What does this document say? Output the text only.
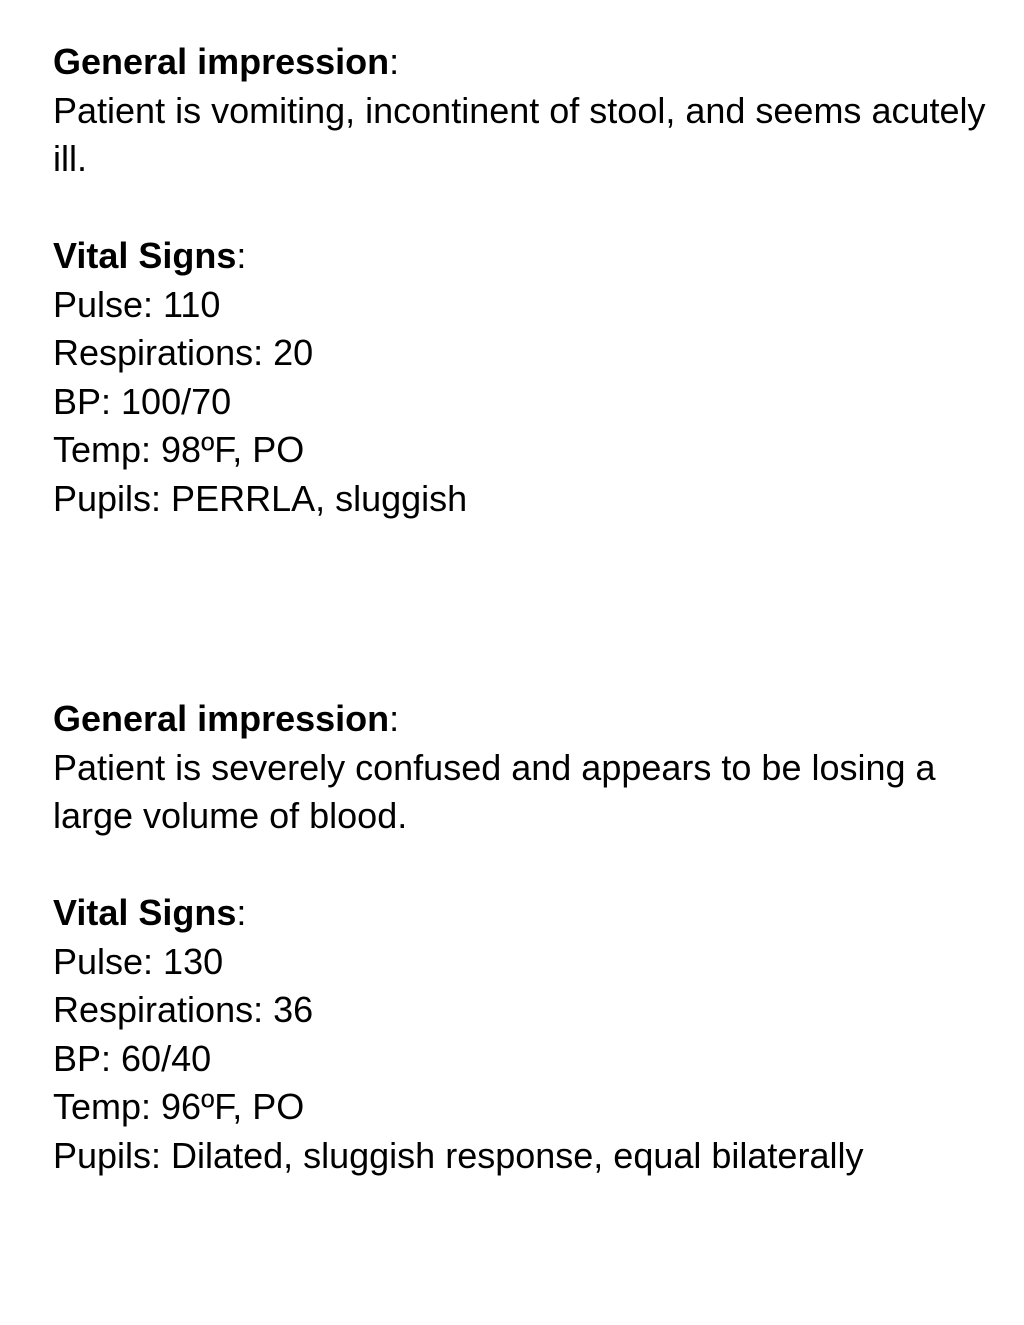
General impression:
Patient is vomiting, incontinent of stool, and seems acutely ill.
Vital Signs:
Pulse: 110
Respirations: 20
BP: 100/70
Temp: 98ºF, PO
Pupils: PERRLA, sluggish
General impression:
Patient is severely confused and appears to be losing a large volume of blood.
Vital Signs:
Pulse: 130
Respirations: 36
BP: 60/40
Temp: 96ºF, PO
Pupils: Dilated, sluggish response, equal bilaterally
